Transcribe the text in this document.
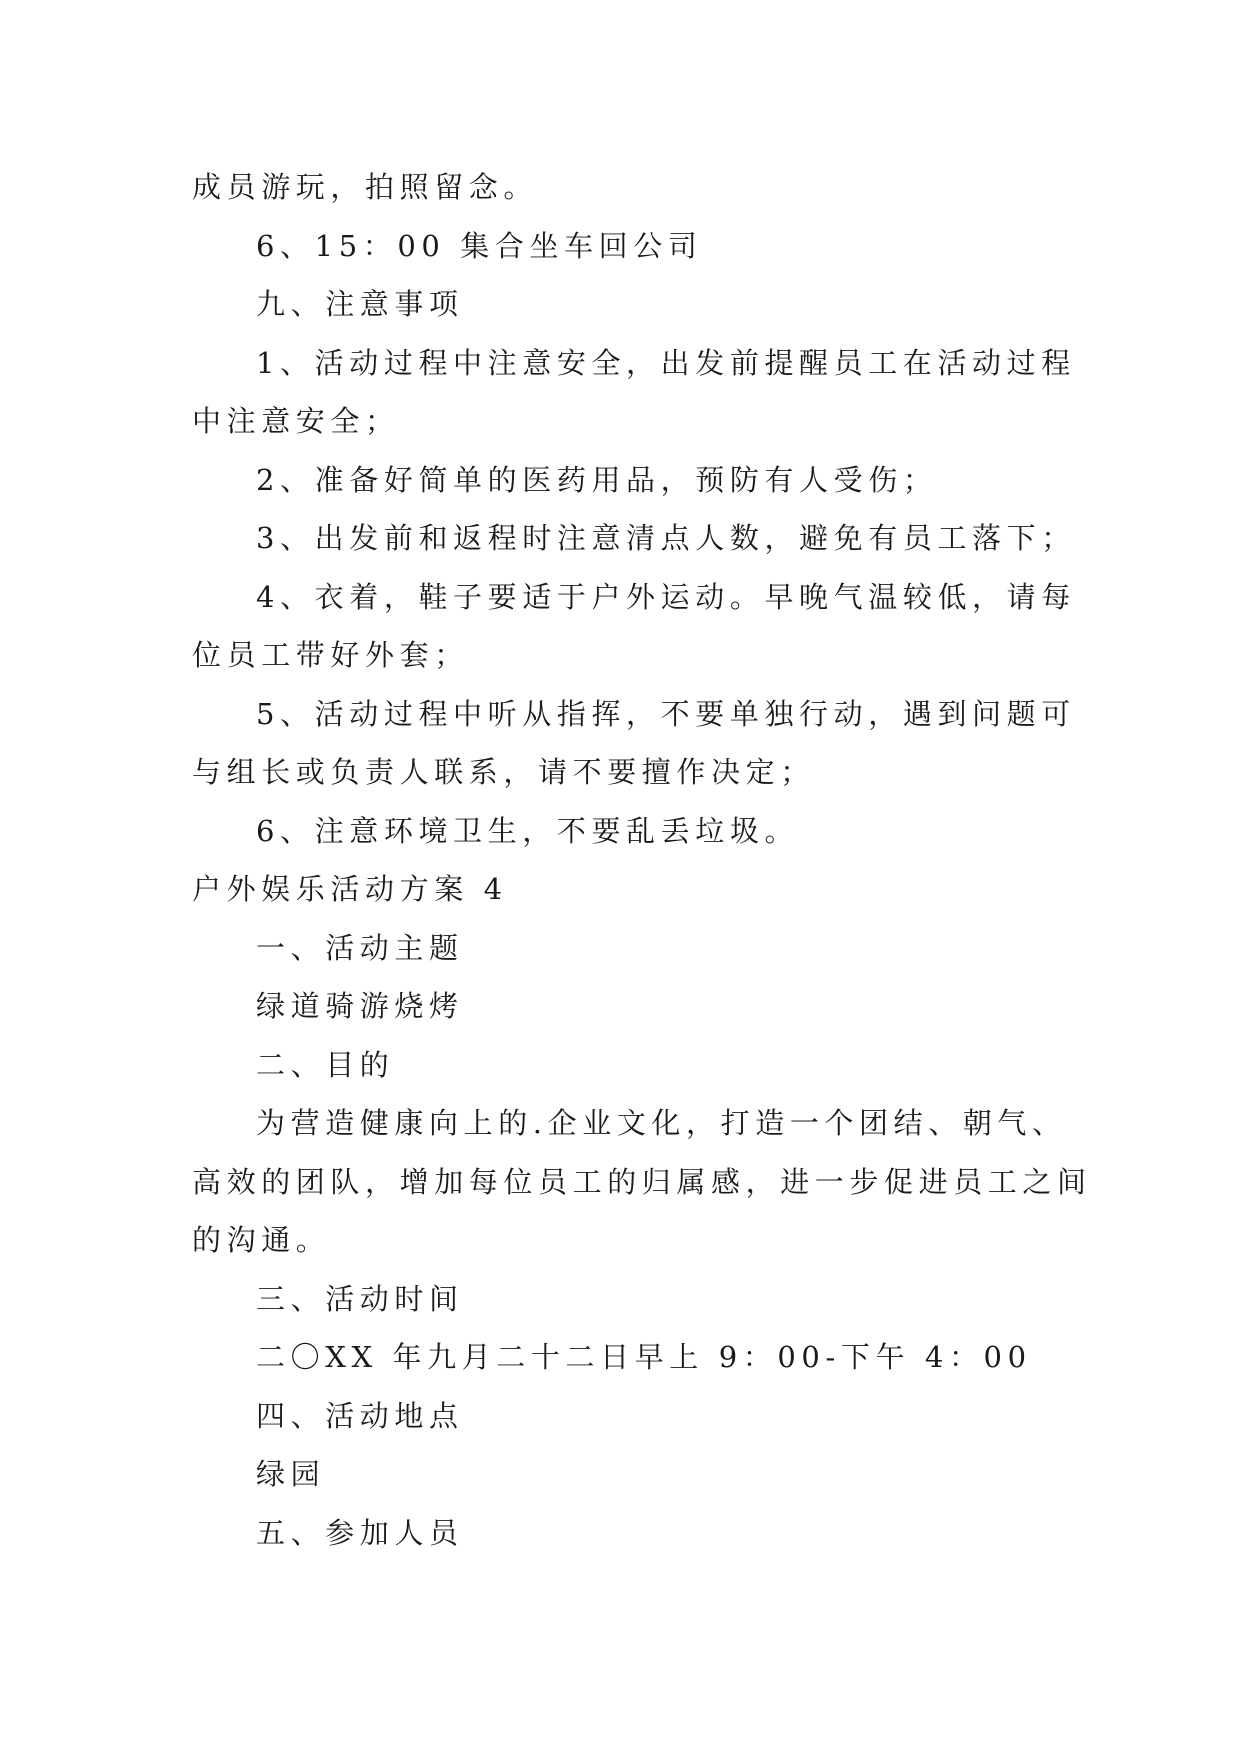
成员游玩，拍照留念。
6、15：00 集合坐车回公司
九、注意事项
1、活动过程中注意安全，出发前提醒员工在活动过程
中注意安全；
2、准备好简单的医药用品，预防有人受伤；
3、出发前和返程时注意清点人数，避免有员工落下；
4、衣着，鞋子要适于户外运动。早晚气温较低，请每
位员工带好外套；
5、活动过程中听从指挥，不要单独行动，遇到问题可
与组长或负责人联系，请不要擅作决定；
6、注意环境卫生，不要乱丢垃圾。
户外娱乐活动方案 4
一、活动主题
绿道骑游烧烤
二、目的
为营造健康向上的.企业文化，打造一个团结、朝气、
高效的团队，增加每位员工的归属感，进一步促进员工之间
的沟通。
三、活动时间
二〇XX 年九月二十二日早上 9：00-下午 4：00
四、活动地点
绿园
五、参加人员
